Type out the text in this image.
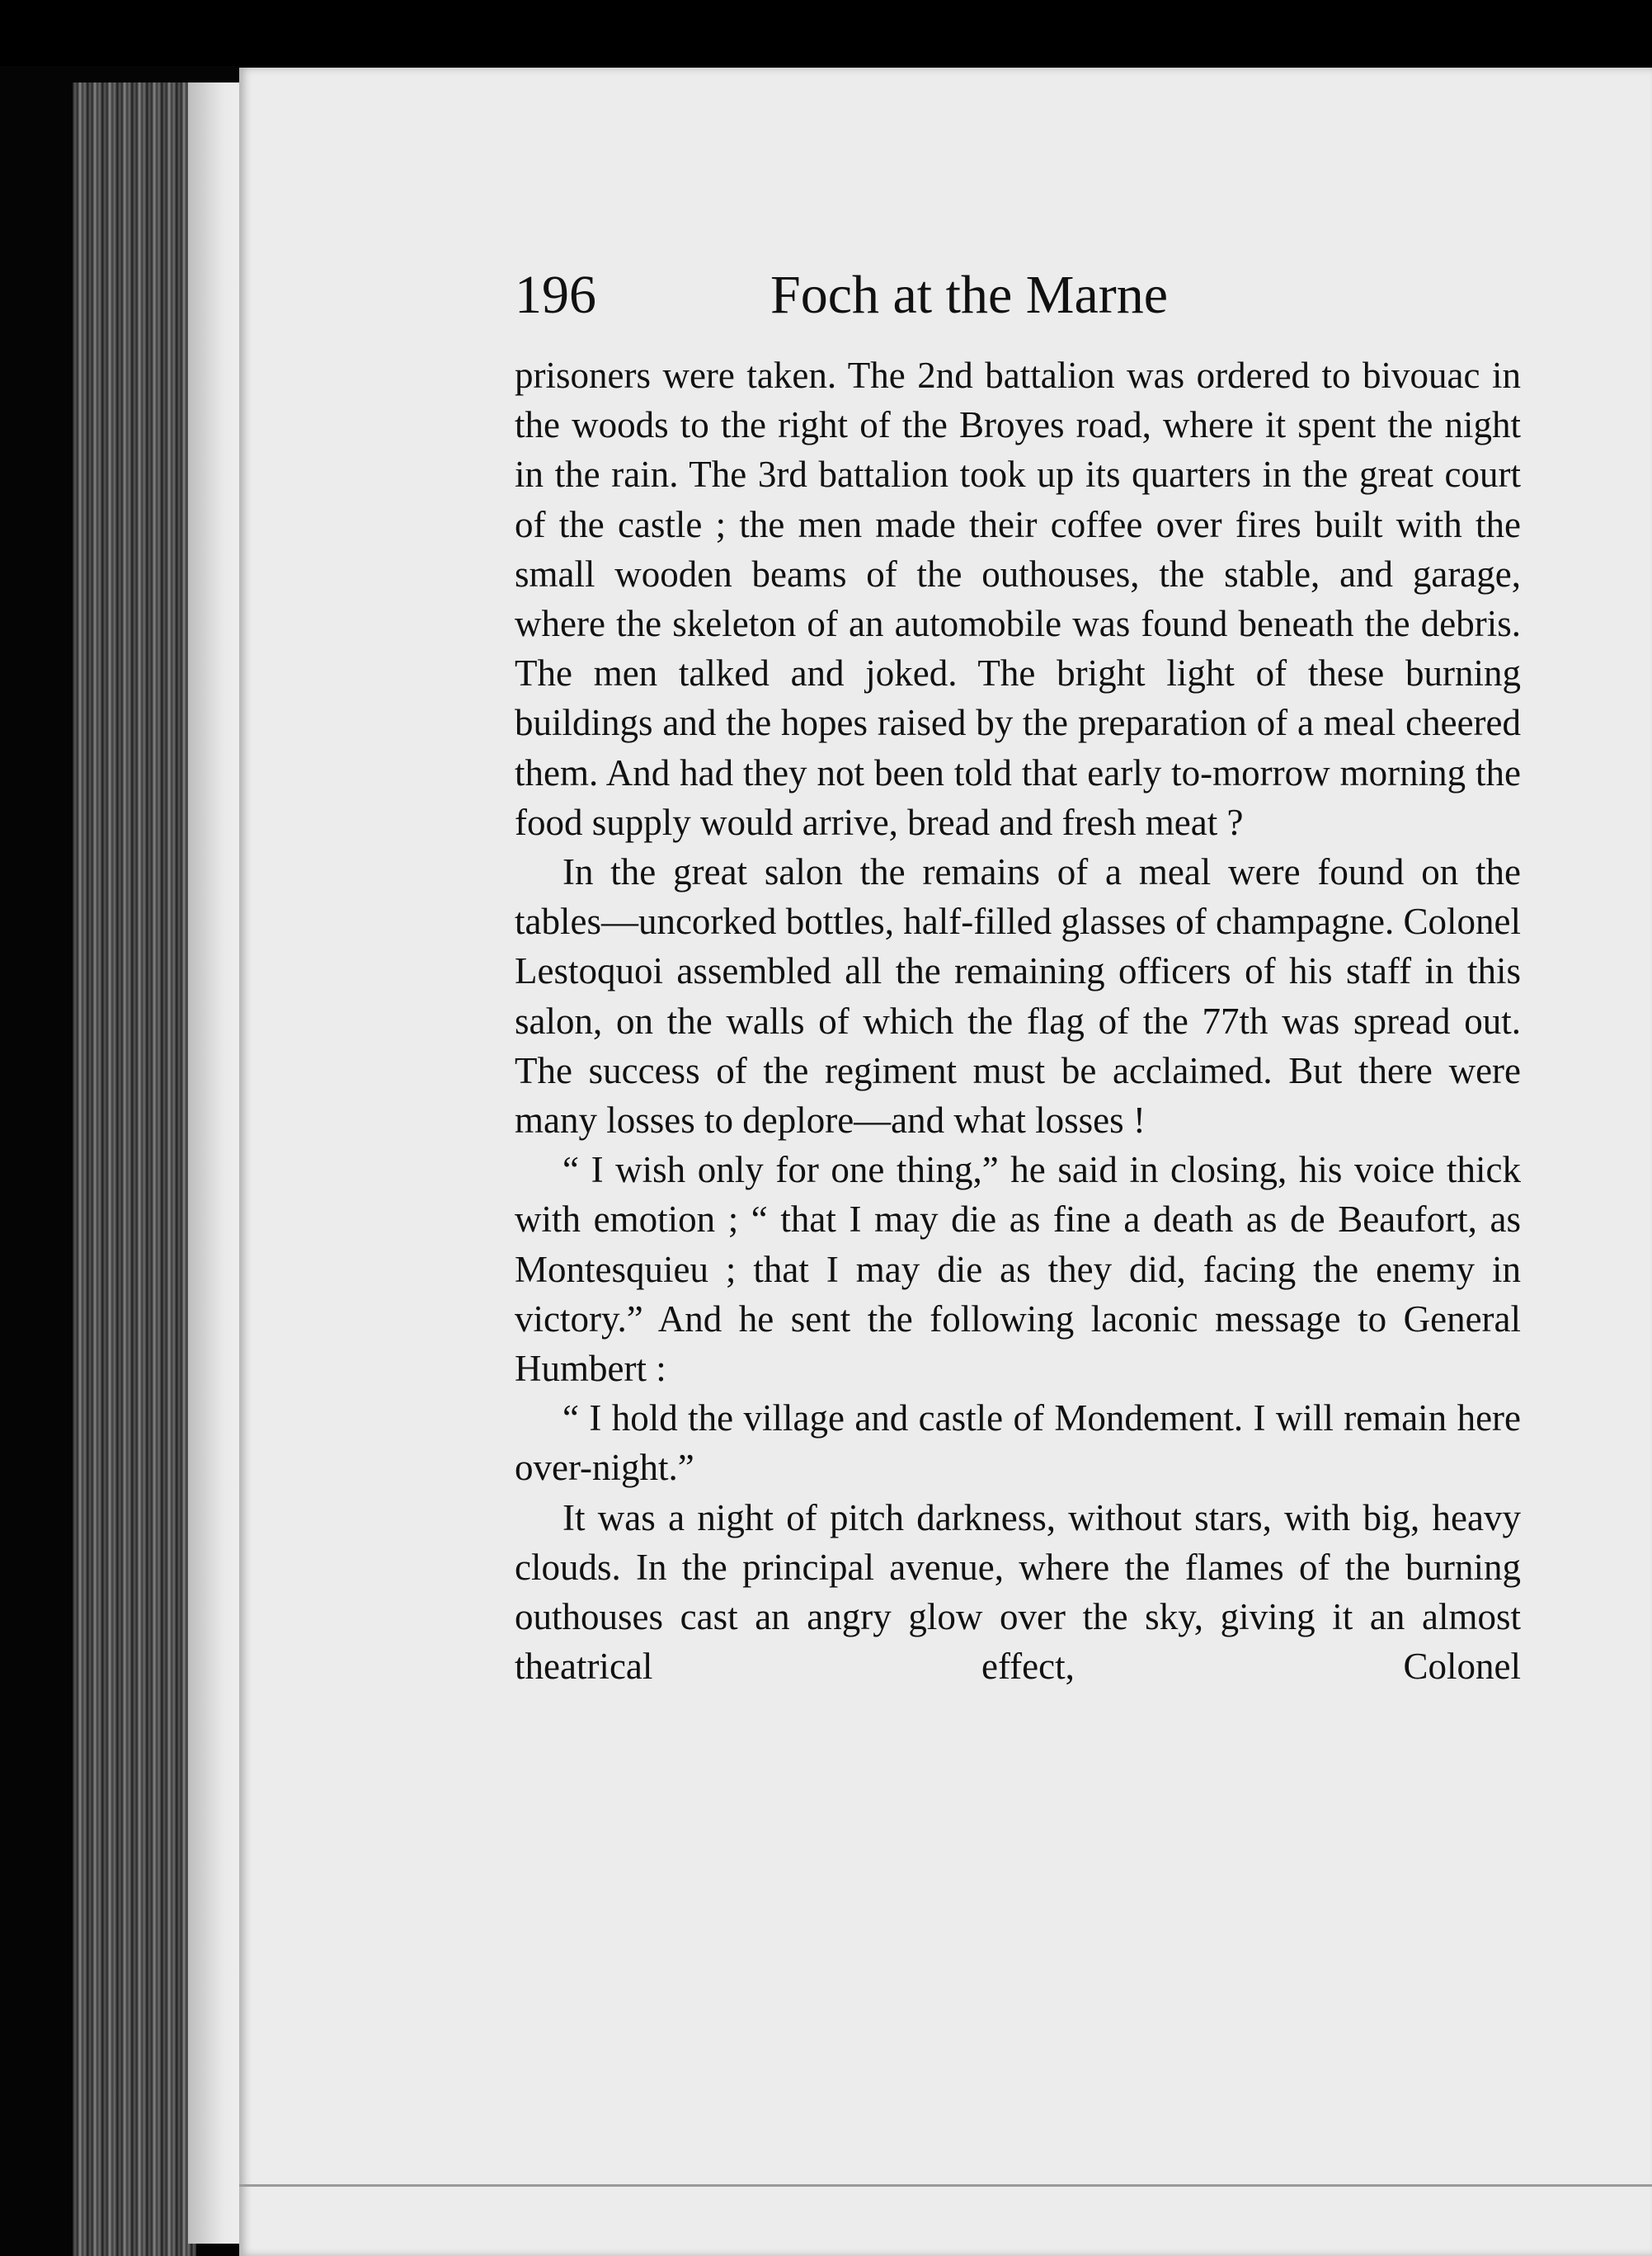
196	Foch at the Marne

prisoners were taken. The 2nd battalion was ordered to bivouac in the woods to the right of the Broyes road, where it spent the night in the rain. The 3rd battalion took up its quarters in the great court of the castle ; the men made their coffee over fires built with the small wooden beams of the outhouses, the stable, and garage, where the skeleton of an automobile was found beneath the debris. The men talked and joked. The bright light of these burning buildings and the hopes raised by the preparation of a meal cheered them. And had they not been told that early to-morrow morning the food supply would arrive, bread and fresh meat ?

In the great salon the remains of a meal were found on the tables—uncorked bottles, half-filled glasses of champagne. Colonel Lestoquoi assembled all the remaining officers of his staff in this salon, on the walls of which the flag of the 77th was spread out. The success of the regiment must be acclaimed. But there were many losses to deplore—and what losses !

“ I wish only for one thing,” he said in closing, his voice thick with emotion ; “ that I may die as fine a death as de Beaufort, as Montesquieu ; that I may die as they did, facing the enemy in victory.” And he sent the following laconic message to General Humbert :

“ I hold the village and castle of Mondement. I will remain here over-night.”

It was a night of pitch darkness, without stars, with big, heavy clouds. In the principal avenue, where the flames of the burning outhouses cast an angry glow over the sky, giving it an almost theatrical effect, Colonel
